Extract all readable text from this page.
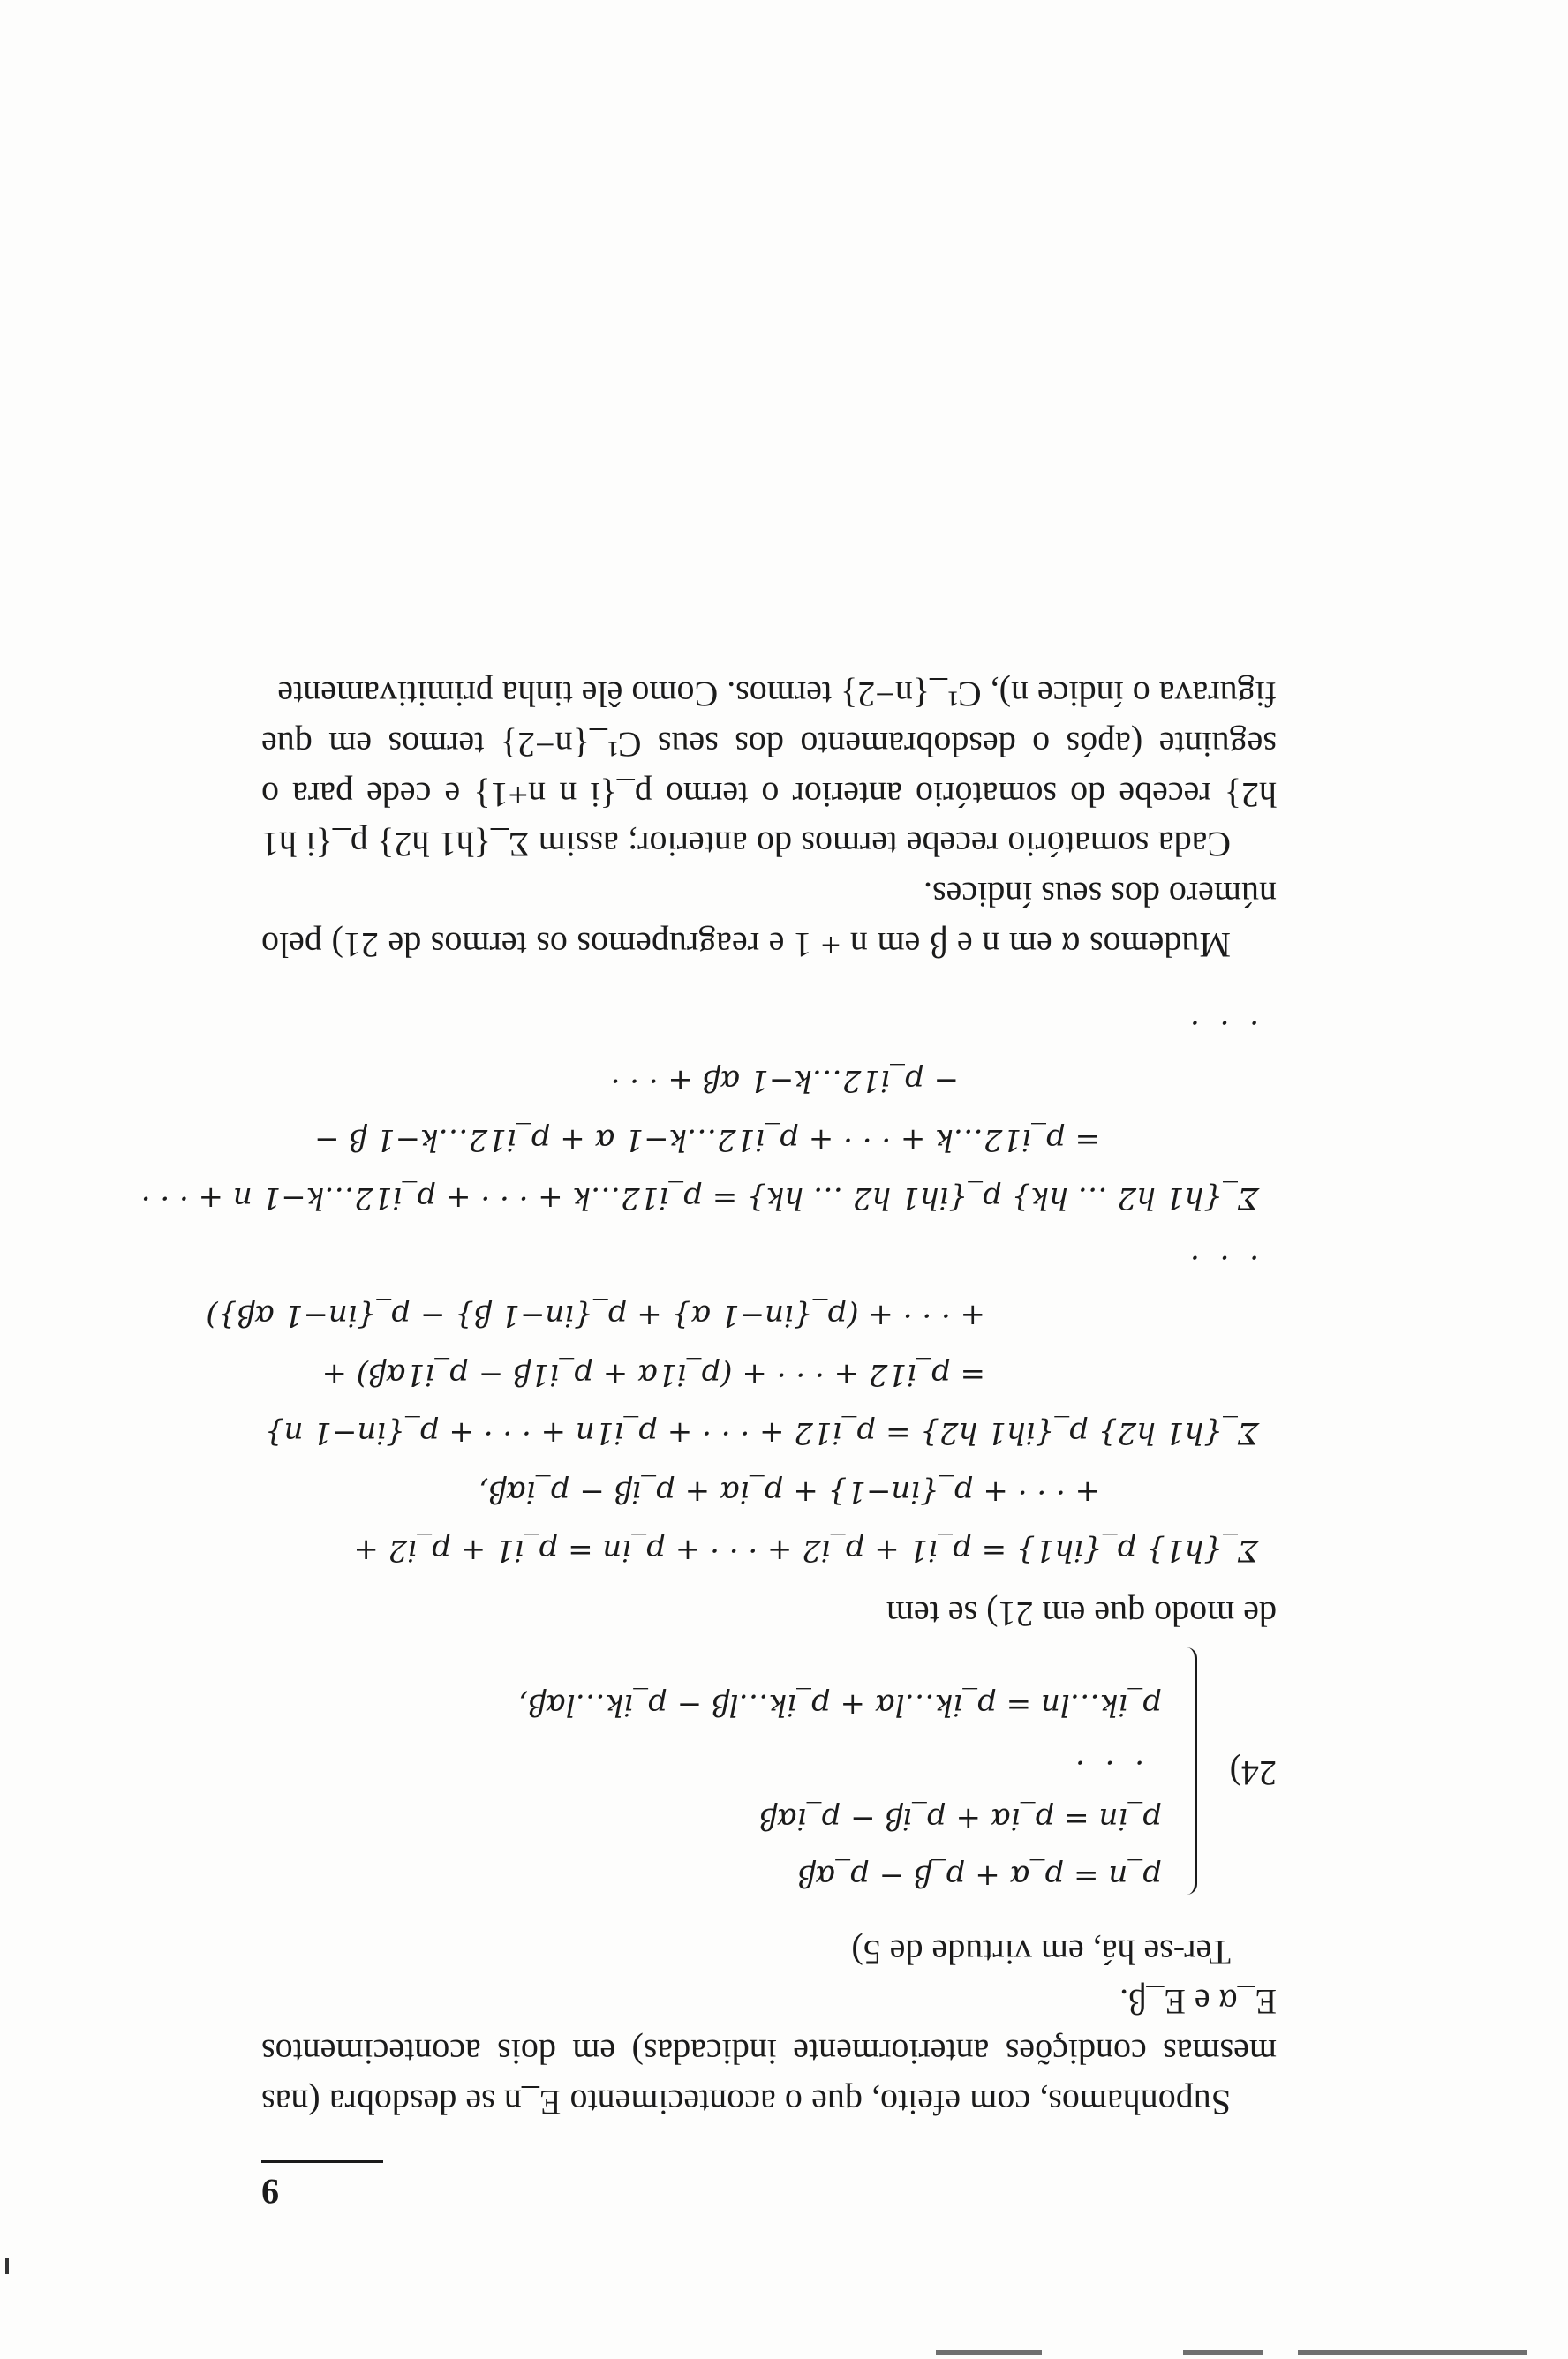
9

Suponhamos, com efeito, que o acontecimento E_n se desdobra (nas mesmas condições anteriormente indicadas) em dois acontecimentos E_α e E_β.

Ter-se há, em virtude de 5)

24)
p_n = p_α + p_β − p_αβ
p_in = p_iα + p_iβ − p_iαβ
· · ·
p_ik…ln = p_ik…lα + p_ik…lβ − p_ik…lαβ,

de modo que em 21) se tem

Σ_{h1} p_{ih1} = p_i1 + p_i2 + · · · + p_in = p_i1 + p_i2 +
+ · · · + p_{in−1} + p_iα + p_iβ − p_iαβ,
Σ_{h1 h2} p_{ih1 h2} = p_i12 + · · · + p_i1n + · · · + p_{in−1 n}
= p_i12 + · · · + (p_i1α + p_i1β − p_i1αβ) +
+ · · · + (p_{in−1 α} + p_{in−1 β} − p_{in−1 αβ})
· · ·
Σ_{h1 h2 … hk} p_{ih1 h2 … hk} = p_i12…k + · · · + p_i12…k−1 n + · · ·
= p_i12…k + · · · + p_i12…k−1 α + p_i12…k−1 β −
− p_i12…k−1 αβ + · · ·
· · ·

Mudemos α em n e β em n + 1 e reagrupemos os termos de 21) pelo número dos seus índices.

Cada somatório recebe termos do anterior; assim Σ_{h1 h2} p_{i h1 h2} recebe do somatório anterior o termo p_{i n n+1} e cede para o seguinte (após o desdobramento dos seus C¹_{n−2} termos em que figurava o índice n), C¹_{n−2} termos. Como êle tinha primitivamente
